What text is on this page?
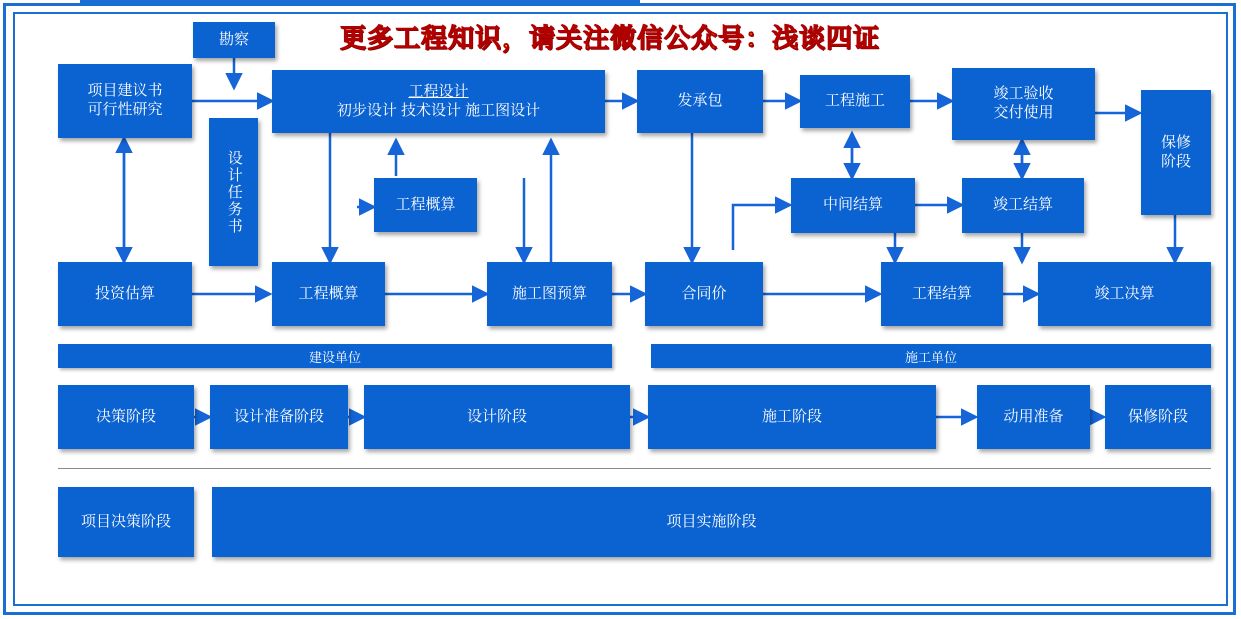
更多工程知识，请关注微信公众号：浅谈四证
勘察
项目建议书
可行性研究
设计任务书
工程设计
初步设计 技术设计 施工图设计
发承包	工程施工	竣工验收
交付使用
保修
阶段
工程概算	中间结算	竣工结算
投资估算	工程概算	施工图预算	合同价	工程结算	竣工决算
建设单位	施工单位
决策阶段	设计准备阶段	设计阶段	施工阶段	动用准备	保修阶段
项目决策阶段	项目实施阶段
